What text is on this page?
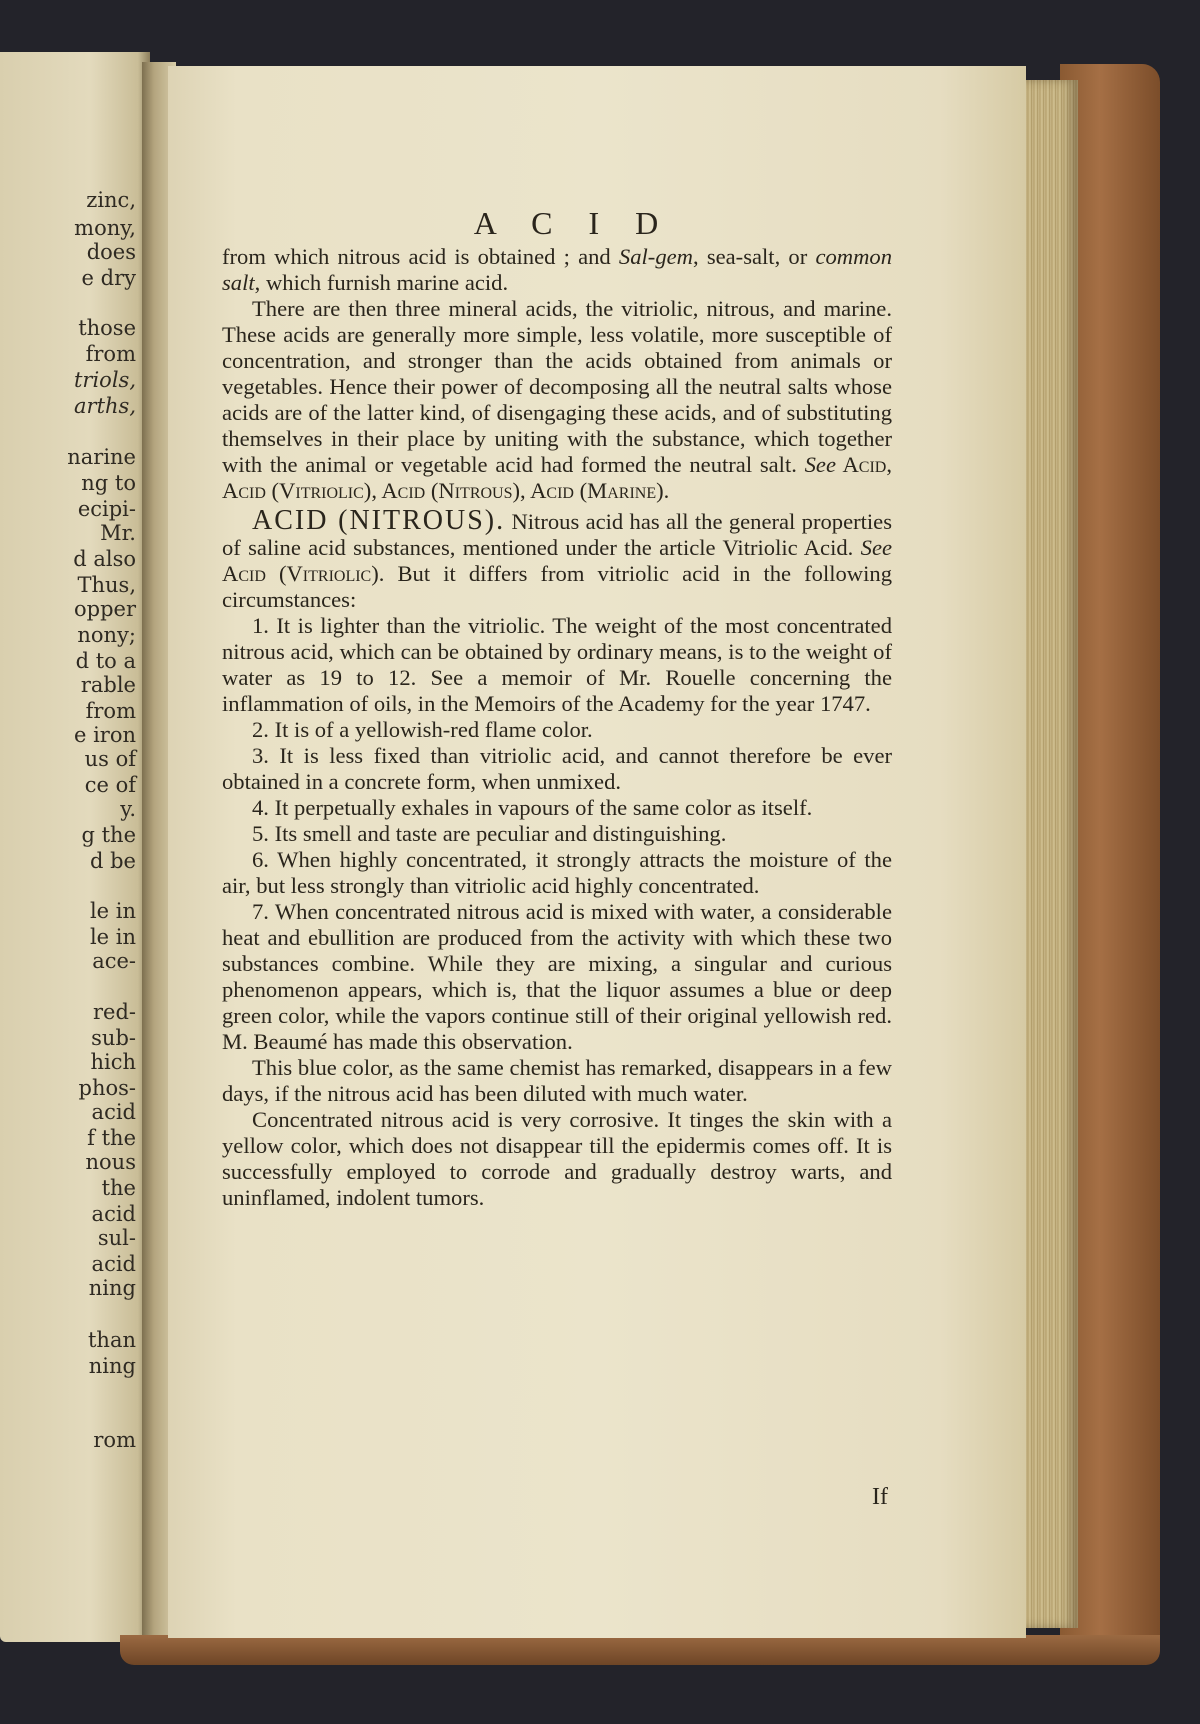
zinc,
mony,
does
e dry
those
from
triols,
arths,
narine
ng to
ecipi-
Mr.
d also
Thus,
opper
nony;
d to a
rable
from
e iron
us of
ce of
y.
g the
d be
le in
le in
ace-
red-
sub-
hich
phos-
acid
f the
nous
the
acid
sul-
acid
ning
than
ning
rom
A C I D

from which nitrous acid is obtained ; and Sal-gem, sea-salt, or common salt, which furnish marine acid.

There are then three mineral acids, the vitriolic, nitrous, and marine. These acids are generally more simple, less volatile, more susceptible of concentration, and stronger than the acids obtained from animals or vegetables. Hence their power of decomposing all the neutral salts whose acids are of the latter kind, of disengaging these acids, and of substituting themselves in their place by uniting with the substance, which together with the animal or vegetable acid had formed the neutral salt. See Acid, Acid (Vitriolic), Acid (Nitrous), Acid (Marine).

ACID (NITROUS). Nitrous acid has all the general properties of saline acid substances, mentioned under the article Vitriolic Acid. See Acid (Vitriolic). But it differs from vitriolic acid in the following circumstances:

1. It is lighter than the vitriolic. The weight of the most concentrated nitrous acid, which can be obtained by ordinary means, is to the weight of water as 19 to 12. See a memoir of Mr. Rouelle concerning the inflammation of oils, in the Memoirs of the Academy for the year 1747.

2. It is of a yellowish-red flame color.

3. It is less fixed than vitriolic acid, and cannot therefore be ever obtained in a concrete form, when unmixed.

4. It perpetually exhales in vapours of the same color as itself.

5. Its smell and taste are peculiar and distinguishing.

6. When highly concentrated, it strongly attracts the moisture of the air, but less strongly than vitriolic acid highly concentrated.

7. When concentrated nitrous acid is mixed with water, a considerable heat and ebullition are produced from the activity with which these two substances combine. While they are mixing, a singular and curious phenomenon appears, which is, that the liquor assumes a blue or deep green color, while the vapors continue still of their original yellowish red. M. Beaumé has made this observation.

This blue color, as the same chemist has remarked, disappears in a few days, if the nitrous acid has been diluted with much water.

Concentrated nitrous acid is very corrosive. It tinges the skin with a yellow color, which does not disappear till the epidermis comes off. It is successfully employed to corrode and gradually destroy warts, and uninflamed, indolent tumors.

If
